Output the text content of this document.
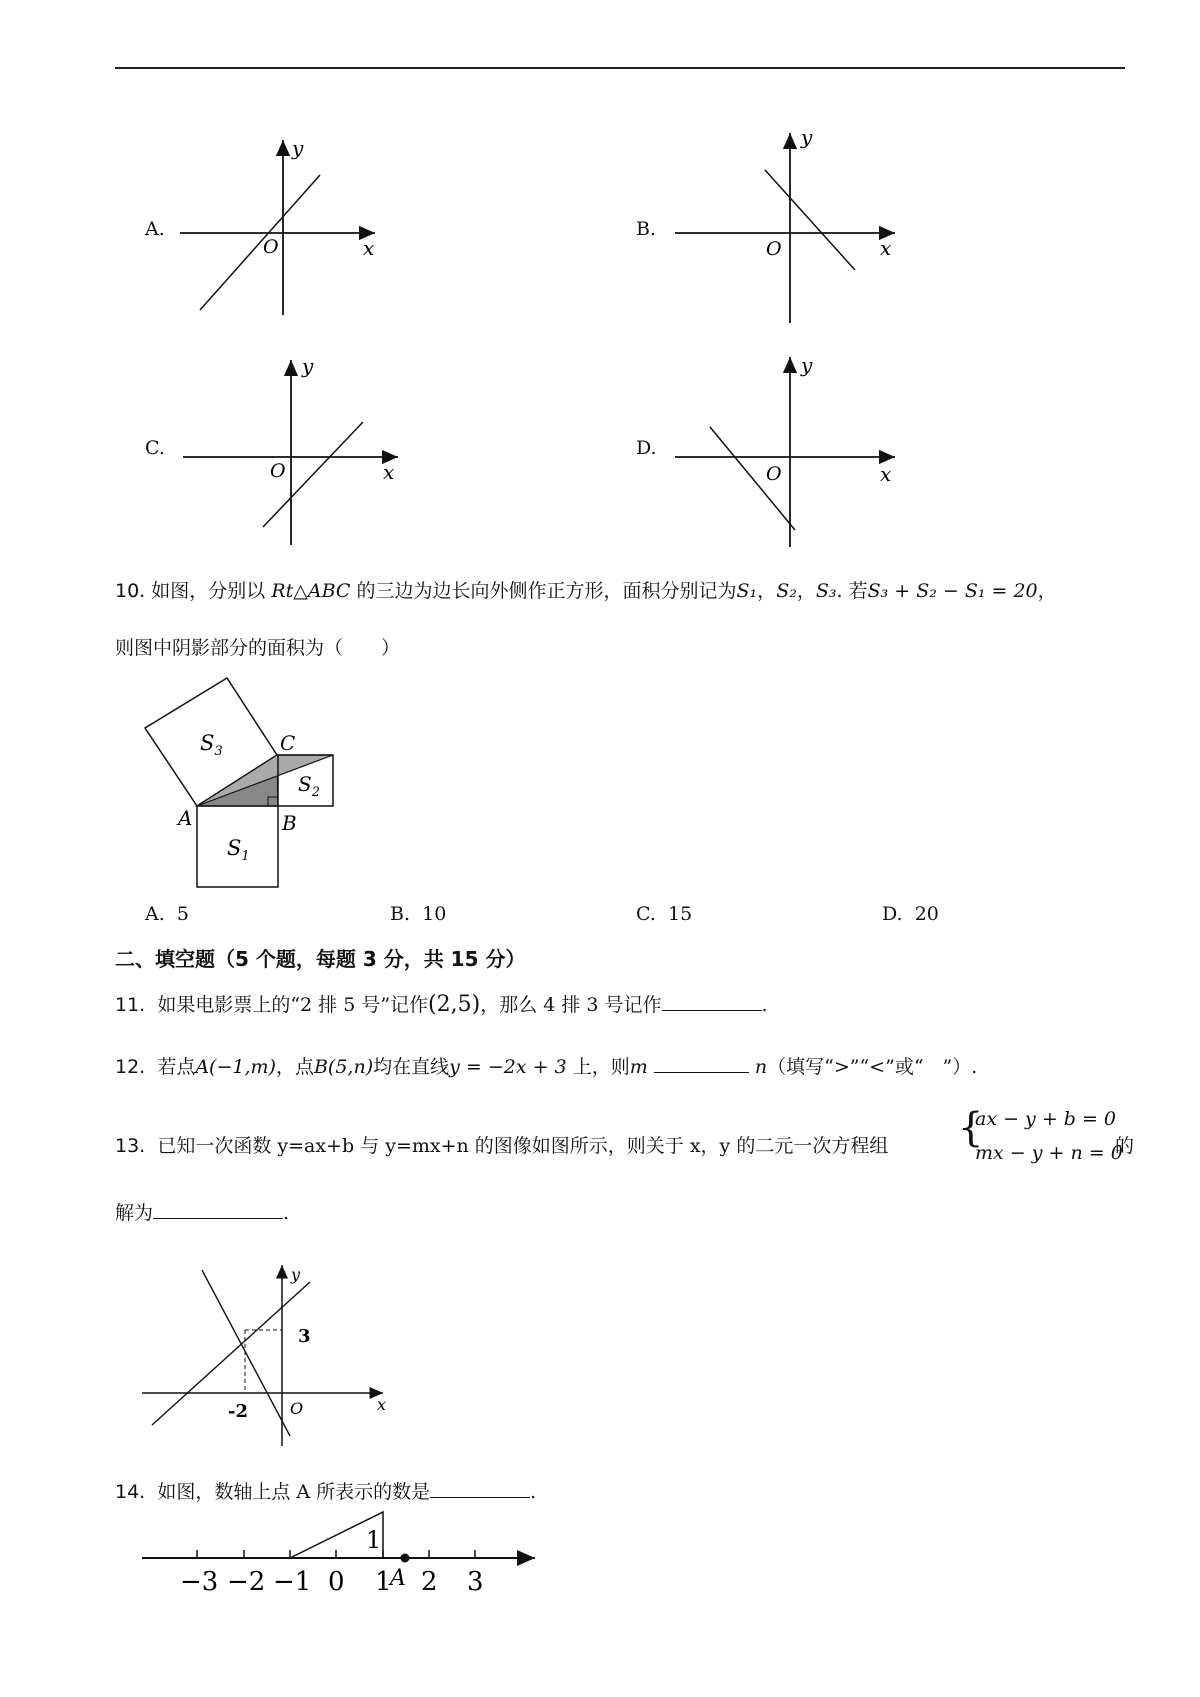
A.
y
x
O
B.
y
x
O
C.
y
x
O
D.
y
x
O
10. 如图，分别以 Rt△ABC 的三边为边长向外侧作正方形，面积分别记为S₁，S₂，S₃. 若S₃ + S₂ − S₁ = 20，
则图中阴影部分的面积为（　　）
$S_3$
$S_2$
$S_1$
A	B
C
A. 5	B. 10	C. 15	D. 20
二、填空题（5 个题，每题 3 分，共 15 分）
11. 如果电影票上的“2 排 5 号”记作(2,5)，那么 4 排 3 号记作	.
12. 若点A(−1,m)，点B(5,n)均在直线y = −2x + 3 上，则m	n（填写“>”“<”或“　”）.
13. 已知一次函数 y=ax+b 与 y=mx+n 的图像如图所示，则关于 x，y 的二元一次方程组 {
ax − y + b = 0
mx − y + n = 0
的
解为	.
y
x
O
3
-2
14. 如图，数轴上点 A 所表示的数是	.
1
−3 −2 −1 0 1 2 3
A
